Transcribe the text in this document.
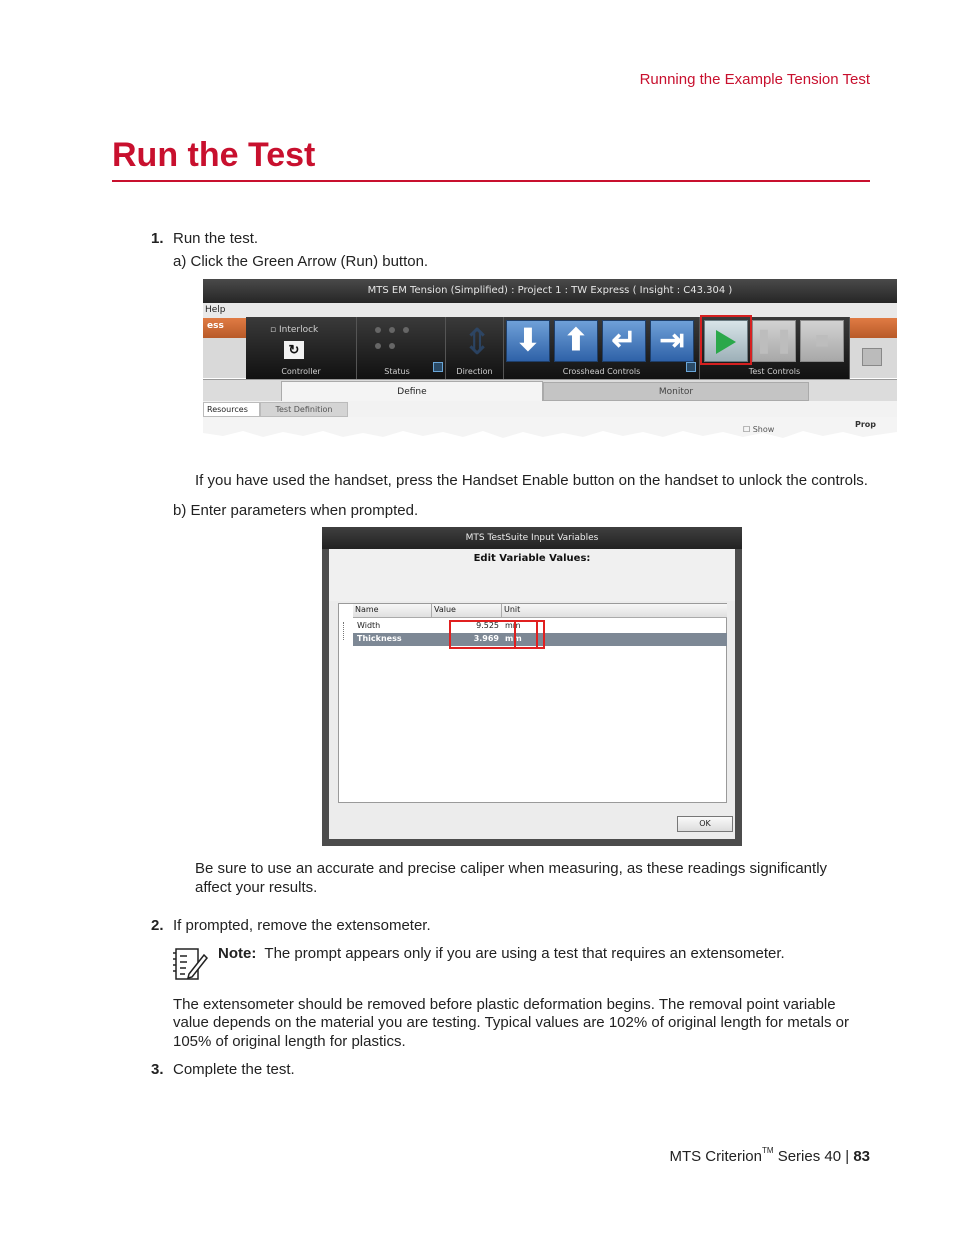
Running the Example Tension Test
Run the Test
1. Run the test.
a) Click the Green Arrow (Run) button.
MTS EM Tension (Simplified) : Project 1 : TW Express ( Insight : C43.304 )
Help
ess	▫ Interlock
↻
Controller	Status
⇕
Direction	Crosshead Controls	Test Controls
⬇ ⬆ ↵ ⇥	❚❚ ■
Define	Monitor
Resources	Test Definition
☐ Show
Prop
If you have used the handset, press the Handset Enable button on the handset to unlock the controls.
b) Enter parameters when prompted.
MTS TestSuite Input Variables
Edit Variable Values:
Name	Value	Unit
Width	9.525 mm
Thickness	3.969 mm
OK
Be sure to use an accurate and precise caliper when measuring, as these readings significantly
affect your results.
2. If prompted, remove the extensometer.
Note: The prompt appears only if you are using a test that requires an extensometer.
The extensometer should be removed before plastic deformation begins. The removal point variable
value depends on the material you are testing. Typical values are 102% of original length for metals or
105% of original length for plastics.
3. Complete the test.
MTS Criterion™ Series 40 | 83
